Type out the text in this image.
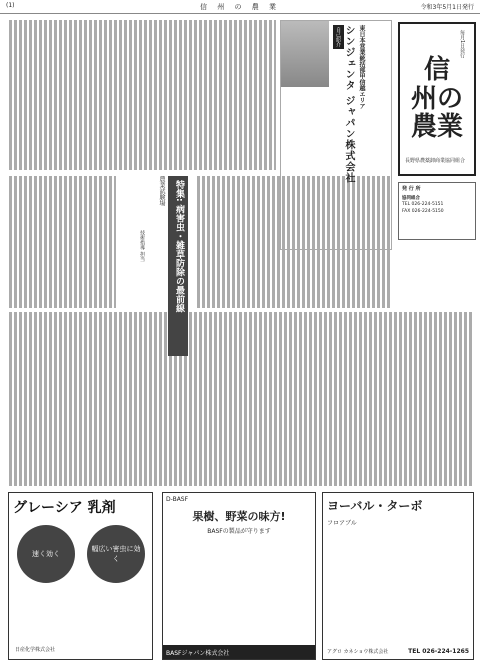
(1)	信 州 の 農 業	令和3年5月1日発行
自己紹介 シンジェンタ ジャパン株式会社 東日本営業統括部甲信越エリア	毎月1日発行
信
州の
農業
長野県農薬卸商業協同組合
発 行 所
協同組合
TEL 026-224-5151
FAX 026-224-5150
特集: 病害虫・雑草防除の最前線
農業試験場
技術指導 担当
グレーシア 乳剤
速く効く
幅広い害虫に効く
日産化学株式会社
D-BASF
果樹、野菜の味方!
BASFの製品が守ります
BASFジャパン株式会社
ヨーバル・ターボ
フロアブル
アグロ カネショウ株式会社	TEL 026-224-1265
